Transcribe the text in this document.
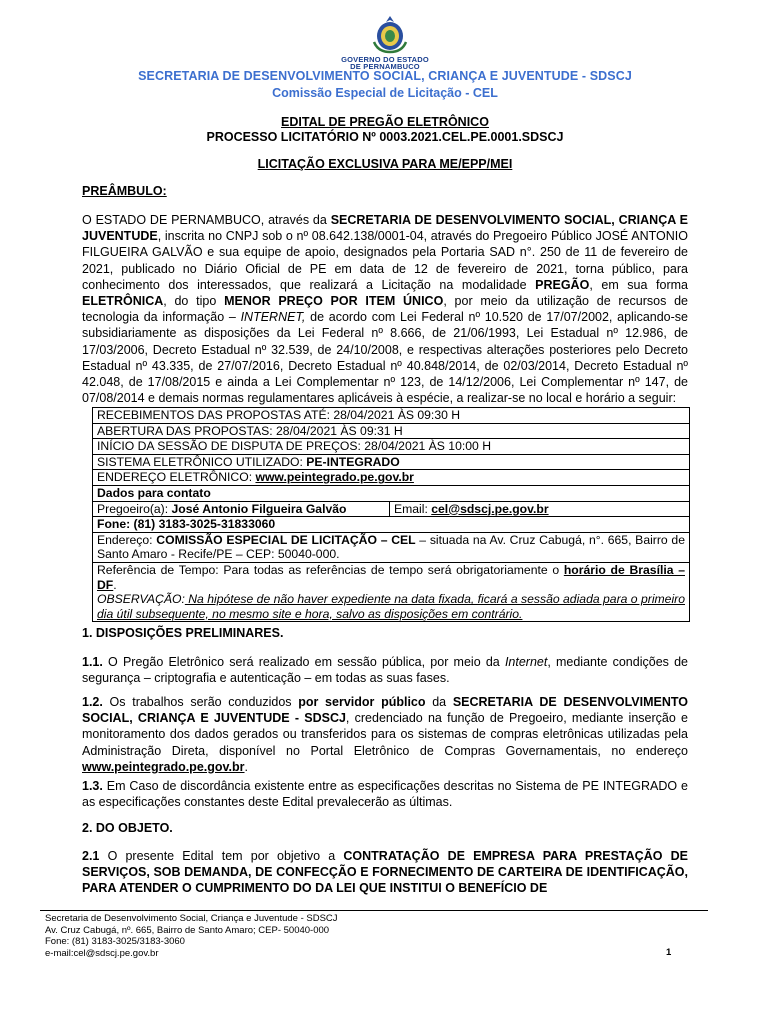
GOVERNO DO ESTADO
DE PERNAMBUCO
SECRETARIA DE DESENVOLVIMENTO SOCIAL, CRIANÇA E JUVENTUDE - SDSCJ
Comissão Especial de Licitação - CEL
EDITAL DE PREGÃO ELETRÔNICO
PROCESSO LICITATÓRIO Nº 0003.2021.CEL.PE.0001.SDSCJ
LICITAÇÃO EXCLUSIVA PARA ME/EPP/MEI
PREÂMBULO:
O ESTADO DE PERNAMBUCO, através da SECRETARIA DE DESENVOLVIMENTO SOCIAL, CRIANÇA E JUVENTUDE, inscrita no CNPJ sob o nº 08.642.138/0001-04, através do Pregoeiro Público JOSÉ ANTONIO FILGUEIRA GALVÃO e sua equipe de apoio, designados pela Portaria SAD n°. 250 de 11 de fevereiro de 2021, publicado no Diário Oficial de PE em data de 12 de fevereiro de 2021, torna público, para conhecimento dos interessados, que realizará a Licitação na modalidade PREGÃO, em sua forma ELETRÔNICA, do tipo MENOR PREÇO POR ITEM ÚNICO, por meio da utilização de recursos de tecnologia da informação – INTERNET, de acordo com Lei Federal nº 10.520 de 17/07/2002, aplicando-se subsidiariamente as disposições da Lei Federal nº 8.666, de 21/06/1993, Lei Estadual nº 12.986, de 17/03/2006, Decreto Estadual nº 32.539, de 24/10/2008, e respectivas alterações posteriores pelo Decreto Estadual nº 43.335, de 27/07/2016, Decreto Estadual nº 40.848/2014, de 02/03/2014, Decreto Estadual nº 42.048, de 17/08/2015 e ainda a Lei Complementar nº 123, de 14/12/2006, Lei Complementar nº 147, de 07/08/2014 e demais normas regulamentares aplicáveis à espécie, a realizar-se no local e horário a seguir:
RECEBIMENTOS DAS PROPOSTAS ATÉ: 28/04/2021 ÀS 09:30 H
ABERTURA DAS PROPOSTAS: 28/04/2021 ÀS 09:31 H
INÍCIO DA SESSÃO DE DISPUTA DE PREÇOS: 28/04/2021 ÀS 10:00 H
SISTEMA ELETRÔNICO UTILIZADO: PE-INTEGRADO
ENDEREÇO ELETRÔNICO: www.peintegrado.pe.gov.br
Dados para contato
Pregoeiro(a): José Antonio Filgueira Galvão	Email: cel@sdscj.pe.gov.br
Fone: (81) 3183-3025-31833060
Endereço: COMISSÃO ESPECIAL DE LICITAÇÃO – CEL – situada na Av. Cruz Cabugá, n°. 665, Bairro de Santo Amaro - Recife/PE – CEP: 50040-000.
Referência de Tempo: Para todas as referências de tempo será obrigatoriamente o horário de Brasília – DF.
OBSERVAÇÃO: Na hipótese de não haver expediente na data fixada, ficará a sessão adiada para o primeiro dia útil subsequente, no mesmo site e hora, salvo as disposições em contrário.
1. DISPOSIÇÕES PRELIMINARES.
1.1. O Pregão Eletrônico será realizado em sessão pública, por meio da Internet, mediante condições de segurança – criptografia e autenticação – em todas as suas fases.
1.2. Os trabalhos serão conduzidos por servidor público da SECRETARIA DE DESENVOLVIMENTO SOCIAL, CRIANÇA E JUVENTUDE - SDSCJ, credenciado na função de Pregoeiro, mediante inserção e monitoramento dos dados gerados ou transferidos para os sistemas de compras eletrônicas utilizadas pela Administração Direta, disponível no Portal Eletrônico de Compras Governamentais, no endereço www.peintegrado.pe.gov.br.
1.3. Em Caso de discordância existente entre as especificações descritas no Sistema de PE INTEGRADO e as especificações constantes deste Edital prevalecerão as últimas.
2. DO OBJETO.
2.1 O presente Edital tem por objetivo a CONTRATAÇÃO DE EMPRESA PARA PRESTAÇÃO DE SERVIÇOS, SOB DEMANDA, DE CONFECÇÃO E FORNECIMENTO DE CARTEIRA DE IDENTIFICAÇÃO, PARA ATENDER O CUMPRIMENTO DO DA LEI QUE INSTITUI O BENEFÍCIO DE
Secretaria de Desenvolvimento Social, Criança e Juventude - SDSCJ
Av. Cruz Cabugá, nº. 665, Bairro de Santo Amaro; CEP- 50040-000
Fone: (81) 3183-3025/3183-3060
e-mail:cel@sdscj.pe.gov.br	1
